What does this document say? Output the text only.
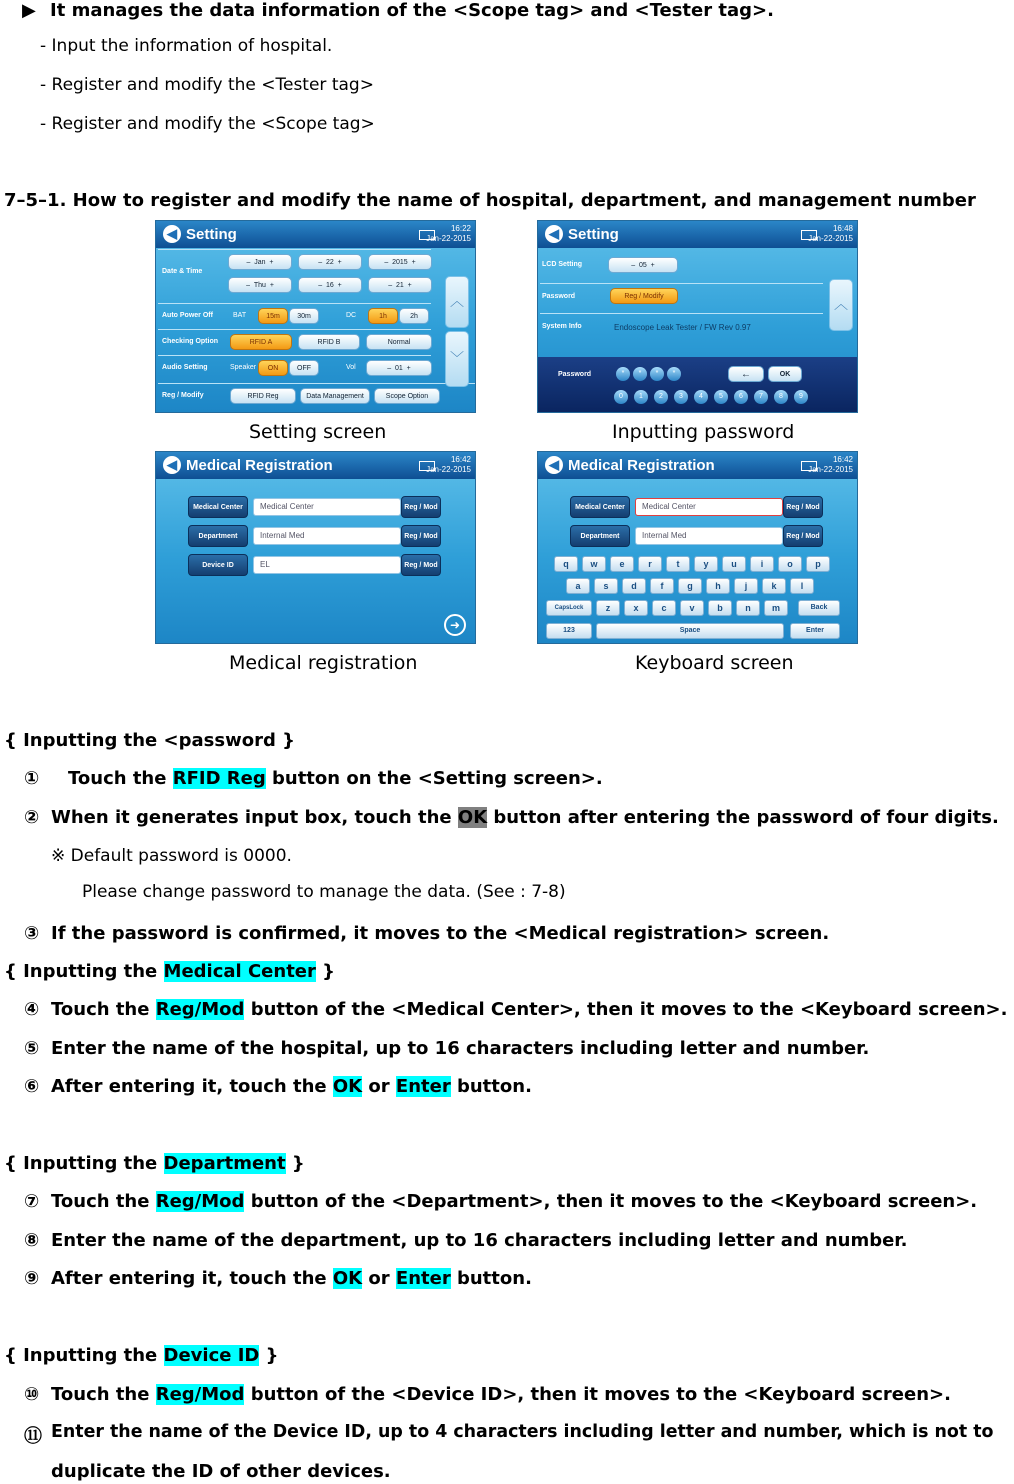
▶ It manages the data information of the <Scope tag> and <Tester tag>.
- Input the information of hospital.
- Register and modify the <Tester tag>
- Register and modify the <Scope tag>
7–5–1. How to register and modify the name of hospital, department, and management number
◀ Setting	16:22
Jan-22-2015
Date & Time
–  Jan  +	–  22  +	–  2015  +
–  Thu  +	–  16  +	–  21  +
Auto Power Off	BAT	15m	30m	DC	1h	2h
Checking Option	RFID A	RFID B	Normal
Audio Setting	Speaker	ON	OFF	Vol	–  01  +
Reg / Modify	RFID Reg	Data Management	Scope Option
︿
﹀
◀ Setting	16:48
Jan-22-2015
LCD Setting	–  05  +
Password	Reg / Modify
System Info	Endoscope Leak Tester / FW Rev 0.97
︿
Password	*	*	*	*	←	OK
0	1	2	3	4	5	6	7	8	9
Setting screen	Inputting password
◀ Medical Registration	16:42
Jan-22-2015
Medical Center	Medical Center	Reg / Mod
Department	Internal Med	Reg / Mod
Device ID	EL	Reg / Mod
➜
◀ Medical Registration	16:42
Jan-22-2015
Medical Center	Medical Center	Reg / Mod
Department	Internal Med	Reg / Mod
q	w	e	r	t	y	u	i	o	p
a	s	d	f	g	h	j	k	l
CapsLock	z	x	c	v	b	n	m	Back
123	Space	Enter
Medical registration	Keyboard screen
{ Inputting the <password }
① Touch the RFID Reg button on the <Setting screen>.
② When it generates input box, touch the OK button after entering the password of four digits.
※ Default password is 0000.
Please change password to manage the data. (See : 7-8)
③ If the password is confirmed, it moves to the <Medical registration> screen.
{ Inputting the Medical Center }
④ Touch the Reg/Mod button of the <Medical Center>, then it moves to the <Keyboard screen>.
⑤ Enter the name of the hospital, up to 16 characters including letter and number.
⑥ After entering it, touch the OK or Enter button.
{ Inputting the Department }
⑦ Touch the Reg/Mod button of the <Department>, then it moves to the <Keyboard screen>.
⑧ Enter the name of the department, up to 16 characters including letter and number.
⑨ After entering it, touch the OK or Enter button.
{ Inputting the Device ID }
⑩ Touch the Reg/Mod button of the <Device ID>, then it moves to the <Keyboard screen>.
⑪ Enter the name of the Device ID, up to 4 characters including letter and number, which is not to
duplicate the ID of other devices.
